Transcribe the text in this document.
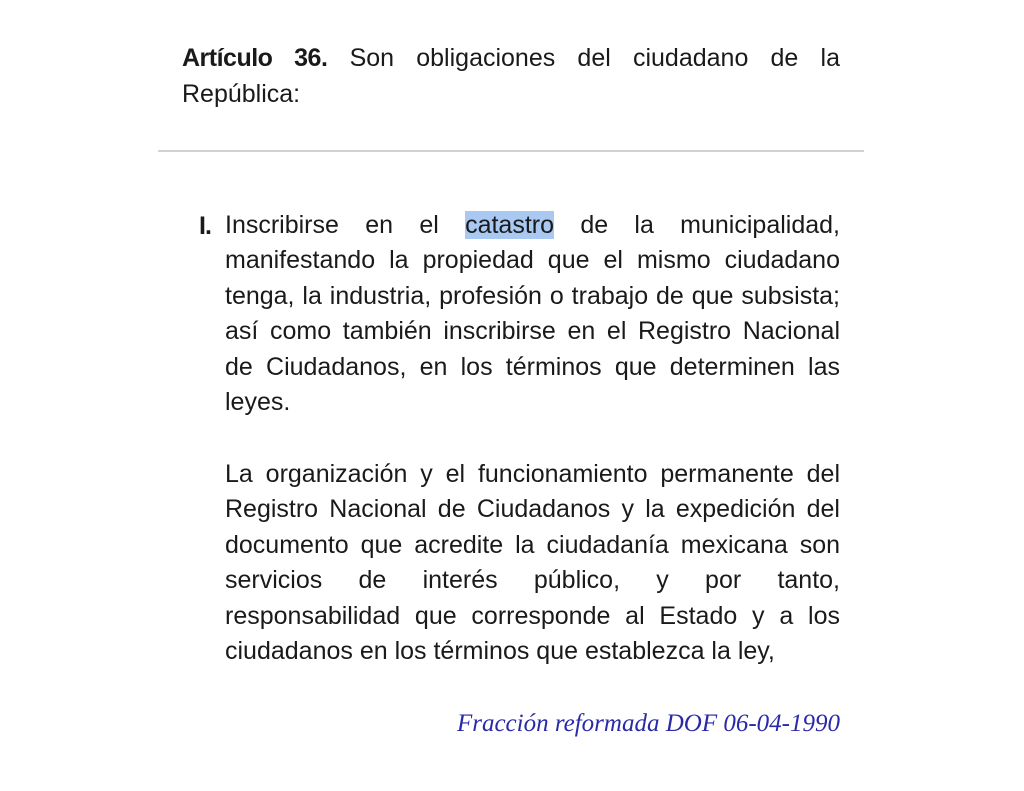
Artículo 36. Son obligaciones del ciudadano de la República:
I. Inscribirse en el catastro de la municipalidad, manifestando la propiedad que el mismo ciudadano tenga, la industria, profesión o trabajo de que subsista; así como también inscribirse en el Registro Nacional de Ciudadanos, en los términos que determinen las leyes.
La organización y el funcionamiento permanente del Registro Nacional de Ciudadanos y la expedición del documento que acredite la ciudadanía mexicana son servicios de interés público, y por tanto, responsabilidad que corresponde al Estado y a los ciudadanos en los términos que establezca la ley,
Fracción reformada DOF 06-04-1990
